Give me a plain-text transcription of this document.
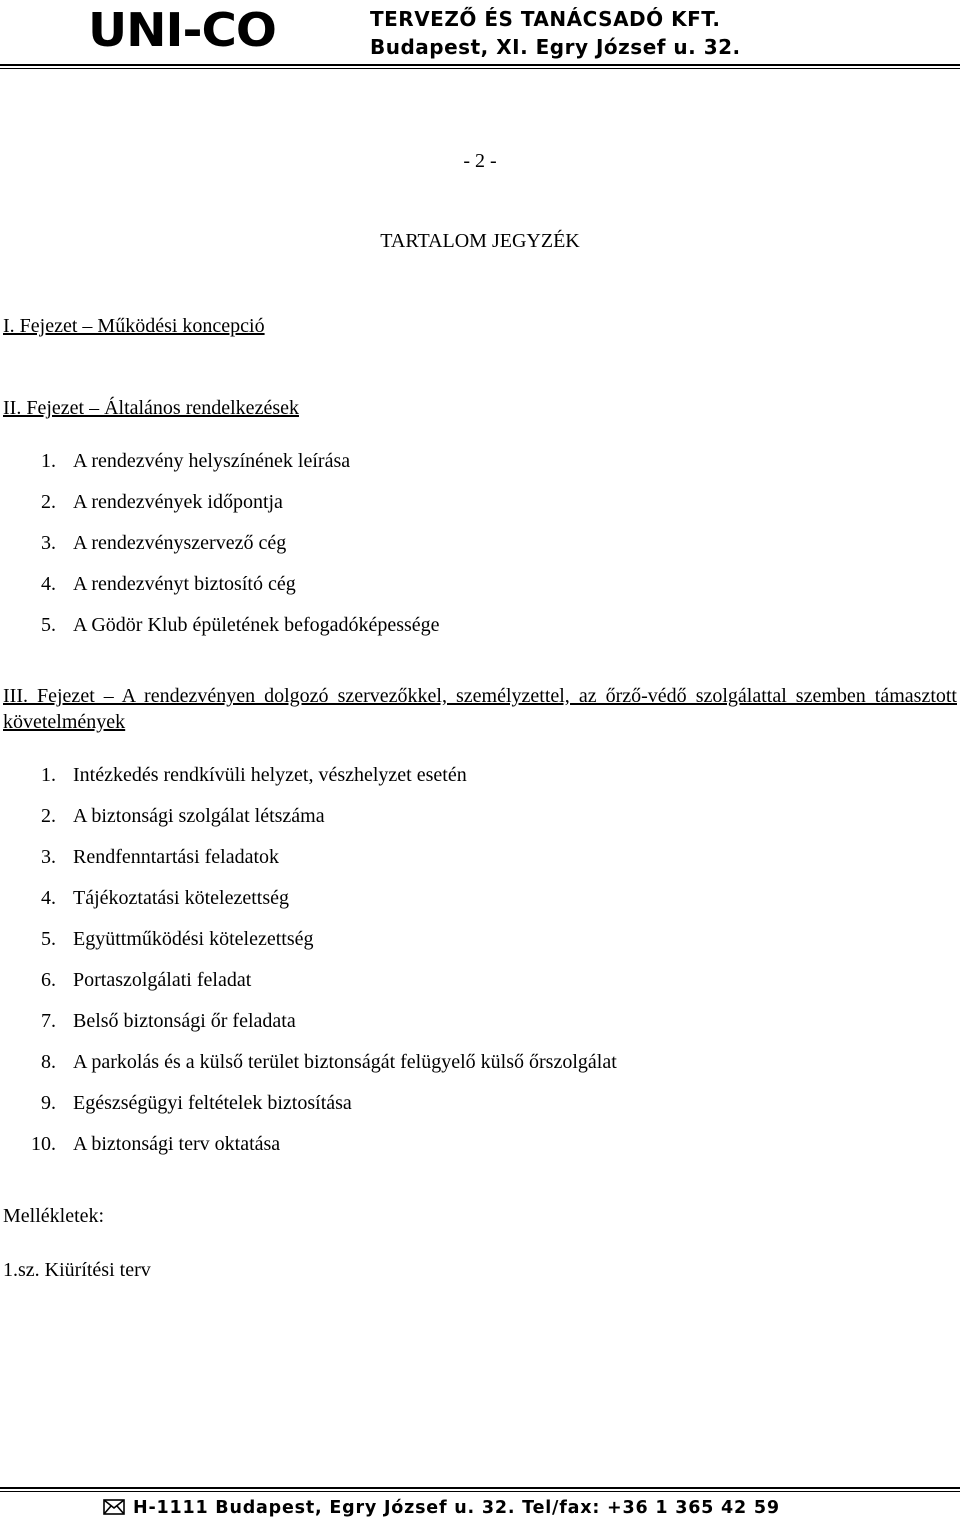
UNI-CO	TERVEZŐ ÉS TANÁCSADÓ KFT.
Budapest, XI. Egry József u. 32.
- 2 -
TARTALOM JEGYZÉK
I. Fejezet – Működési koncepció
II. Fejezet – Általános rendelkezések
1. A rendezvény helyszínének leírása
2. A rendezvények időpontja
3. A rendezvényszervező cég
4. A rendezvényt biztosító cég
5. A Gödör Klub épületének befogadóképessége
III. Fejezet – A rendezvényen dolgozó szervezőkkel, személyzettel, az őrző-védő szolgálattal szemben támasztott követelmények
1. Intézkedés rendkívüli helyzet, vészhelyzet esetén
2. A biztonsági szolgálat létszáma
3. Rendfenntartási feladatok
4. Tájékoztatási kötelezettség
5. Együttműködési kötelezettség
6. Portaszolgálati feladat
7. Belső biztonsági őr feladata
8. A parkolás és a külső terület biztonságát felügyelő külső őrszolgálat
9. Egészségügyi feltételek biztosítása
10. A biztonsági terv oktatása
Mellékletek:
1.sz. Kiürítési terv
H-1111 Budapest, Egry József u. 32. Tel/fax: +36 1 365 42 59
